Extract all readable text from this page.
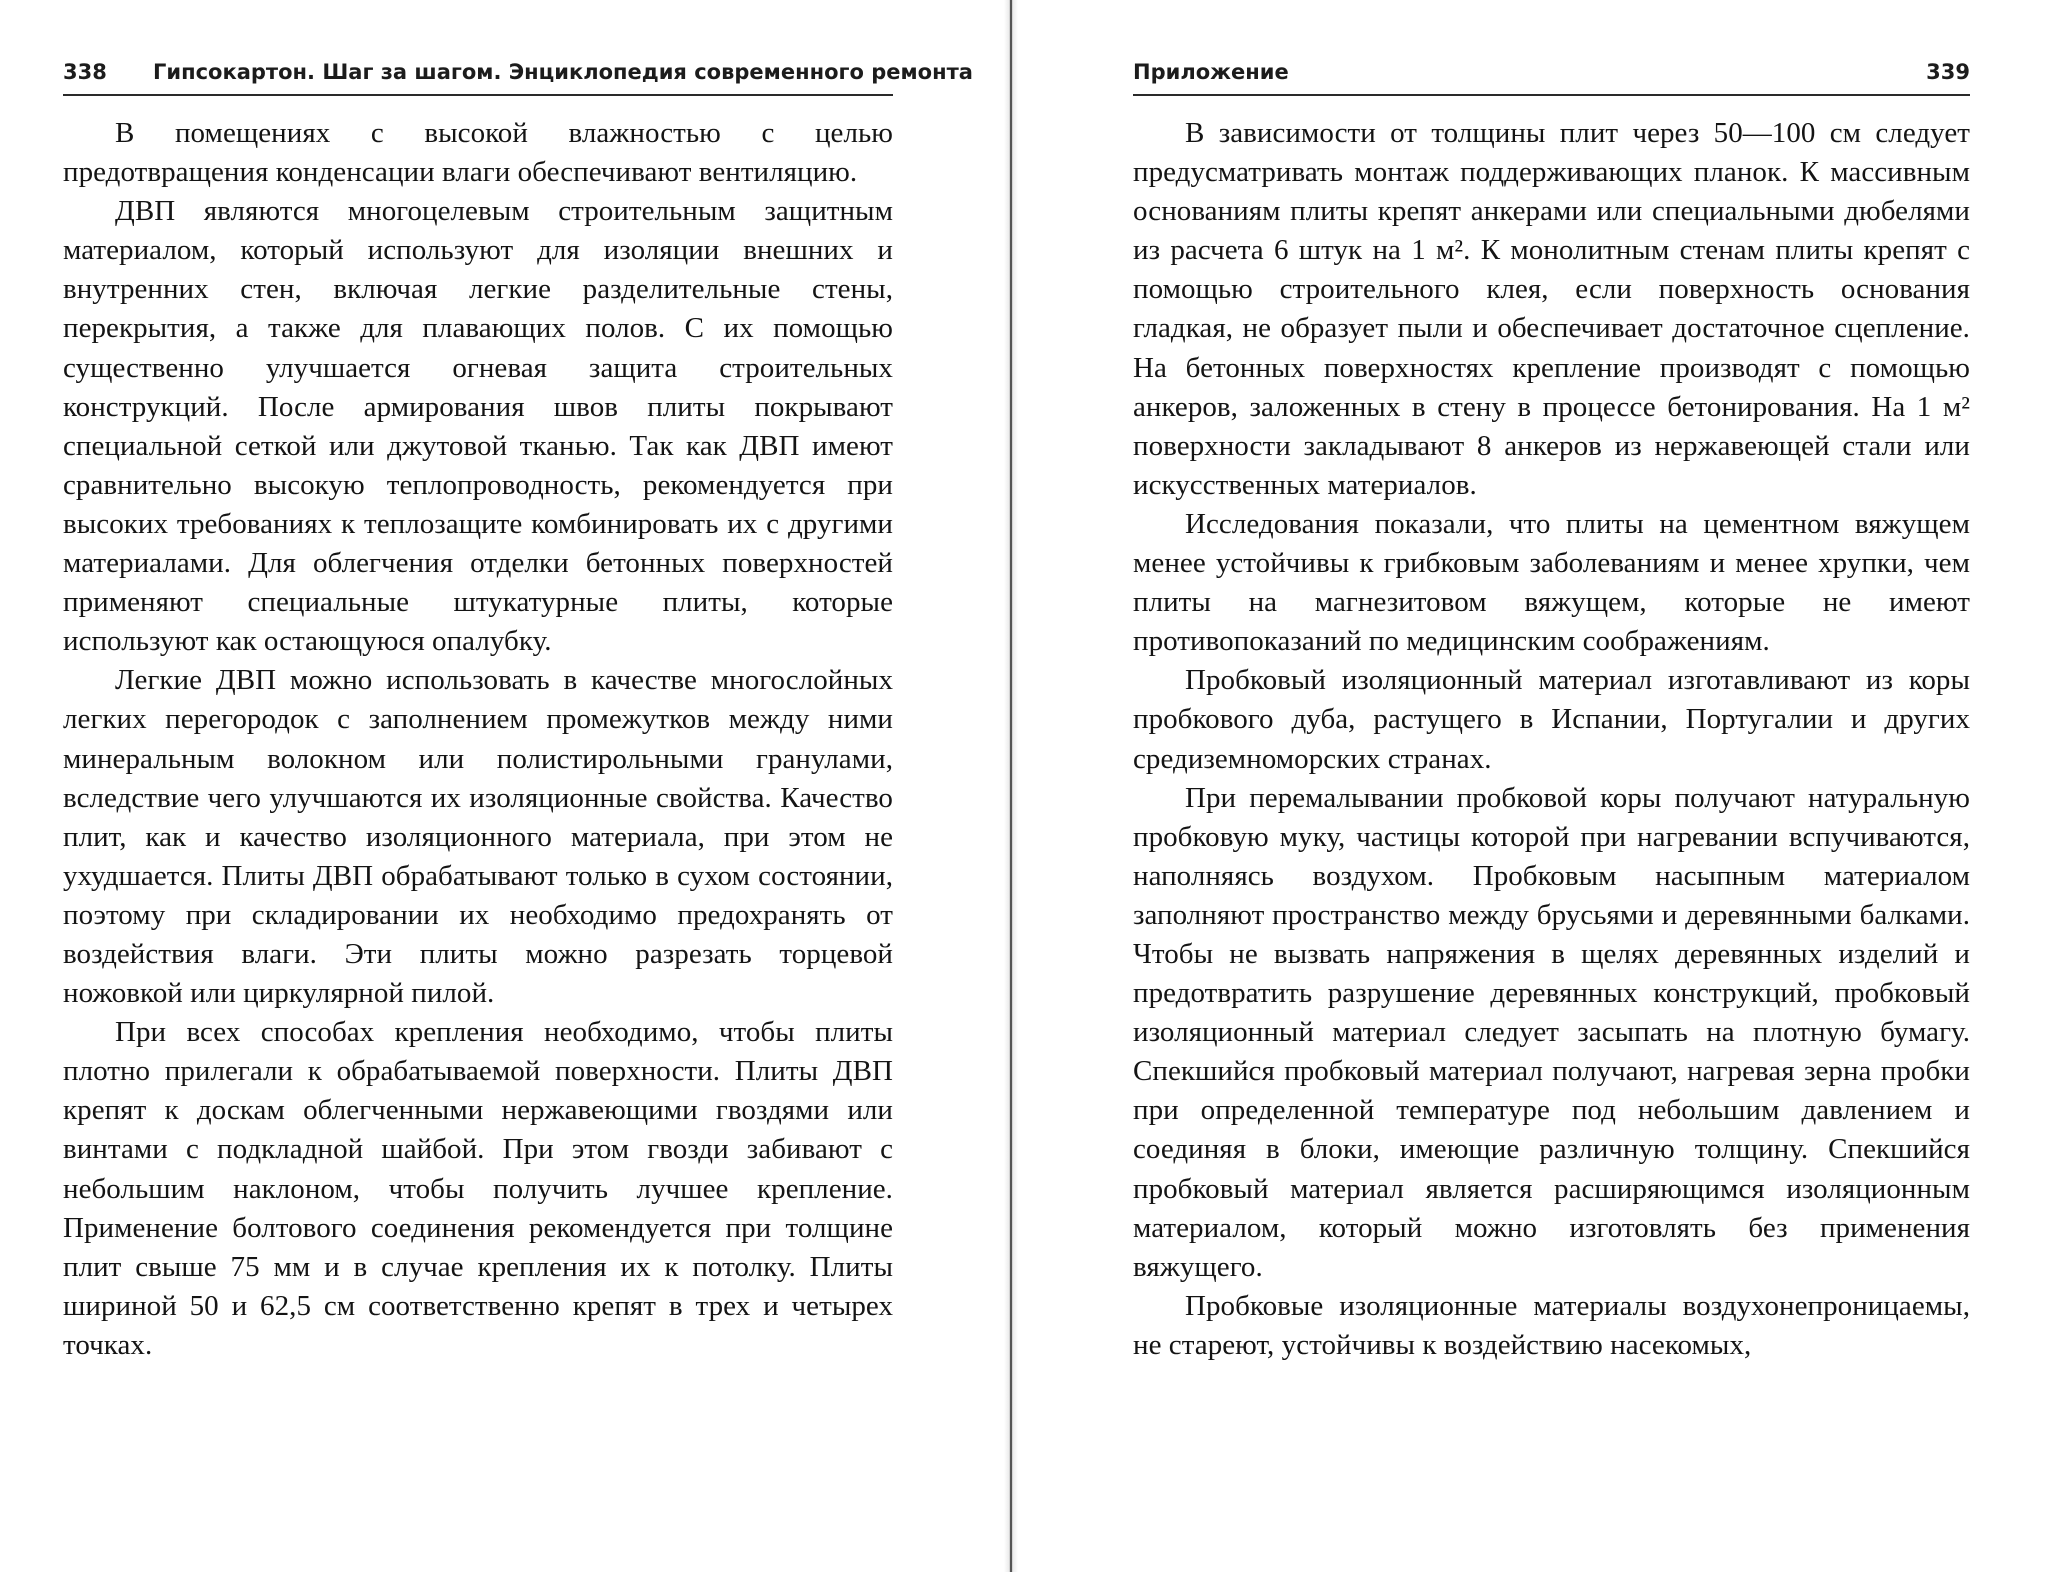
338 Гипсокартон. Шаг за шагом. Энциклопедия современного ремонта

В помещениях с высокой влажностью с целью предотвращения конденсации влаги обеспечивают вентиляцию.

ДВП являются многоцелевым строительным защитным материалом, который используют для изоляции внешних и внутренних стен, включая легкие разделительные стены, перекрытия, а также для плавающих полов. С их помощью существенно улучшается огневая защита строительных конструкций. После армирования швов плиты покрывают специальной сеткой или джутовой тканью. Так как ДВП имеют сравнительно высокую теплопроводность, рекомендуется при высоких требованиях к теплозащите комбинировать их с другими материалами. Для облегчения отделки бетонных поверхностей применяют специальные штукатурные плиты, которые используют как остающуюся опалубку.

Легкие ДВП можно использовать в качестве многослойных легких перегородок с заполнением промежутков между ними минеральным волокном или полистирольными гранулами, вследствие чего улучшаются их изоляционные свойства. Качество плит, как и качество изоляционного материала, при этом не ухудшается. Плиты ДВП обрабатывают только в сухом состоянии, поэтому при складировании их необходимо предохранять от воздействия влаги. Эти плиты можно разрезать торцевой ножовкой или циркулярной пилой.

При всех способах крепления необходимо, чтобы плиты плотно прилегали к обрабатываемой поверхности. Плиты ДВП крепят к доскам облегченными нержавеющими гвоздями или винтами с подкладной шайбой. При этом гвозди забивают с небольшим наклоном, чтобы получить лучшее крепление. Применение болтового соединения рекомендуется при толщине плит свыше 75 мм и в случае крепления их к потолку. Плиты шириной 50 и 62,5 см соответственно крепят в трех и четырех точках.

Приложение	339

В зависимости от толщины плит через 50—100 см следует предусматривать монтаж поддерживающих планок. К массивным основаниям плиты крепят анкерами или специальными дюбелями из расчета 6 штук на 1 м². К монолитным стенам плиты крепят с помощью строительного клея, если поверхность основания гладкая, не образует пыли и обеспечивает достаточное сцепление. На бетонных поверхностях крепление производят с помощью анкеров, заложенных в стену в процессе бетонирования. На 1 м² поверхности закладывают 8 анкеров из нержавеющей стали или искусственных материалов.

Исследования показали, что плиты на цементном вяжущем менее устойчивы к грибковым заболеваниям и менее хрупки, чем плиты на магнезитовом вяжущем, которые не имеют противопоказаний по медицинским соображениям.

Пробковый изоляционный материал изготавливают из коры пробкового дуба, растущего в Испании, Португалии и других средиземноморских странах.

При перемалывании пробковой коры получают натуральную пробковую муку, частицы которой при нагревании вспучиваются, наполняясь воздухом. Пробковым насыпным материалом заполняют пространство между брусьями и деревянными балками. Чтобы не вызвать напряжения в щелях деревянных изделий и предотвратить разрушение деревянных конструкций, пробковый изоляционный материал следует засыпать на плотную бумагу. Спекшийся пробковый материал получают, нагревая зерна пробки при определенной температуре под небольшим давлением и соединяя в блоки, имеющие различную толщину. Спекшийся пробковый материал является расширяющимся изоляционным материалом, который можно изготовлять без применения вяжущего.

Пробковые изоляционные материалы воздухонепроницаемы, не стареют, устойчивы к воздействию насекомых,
